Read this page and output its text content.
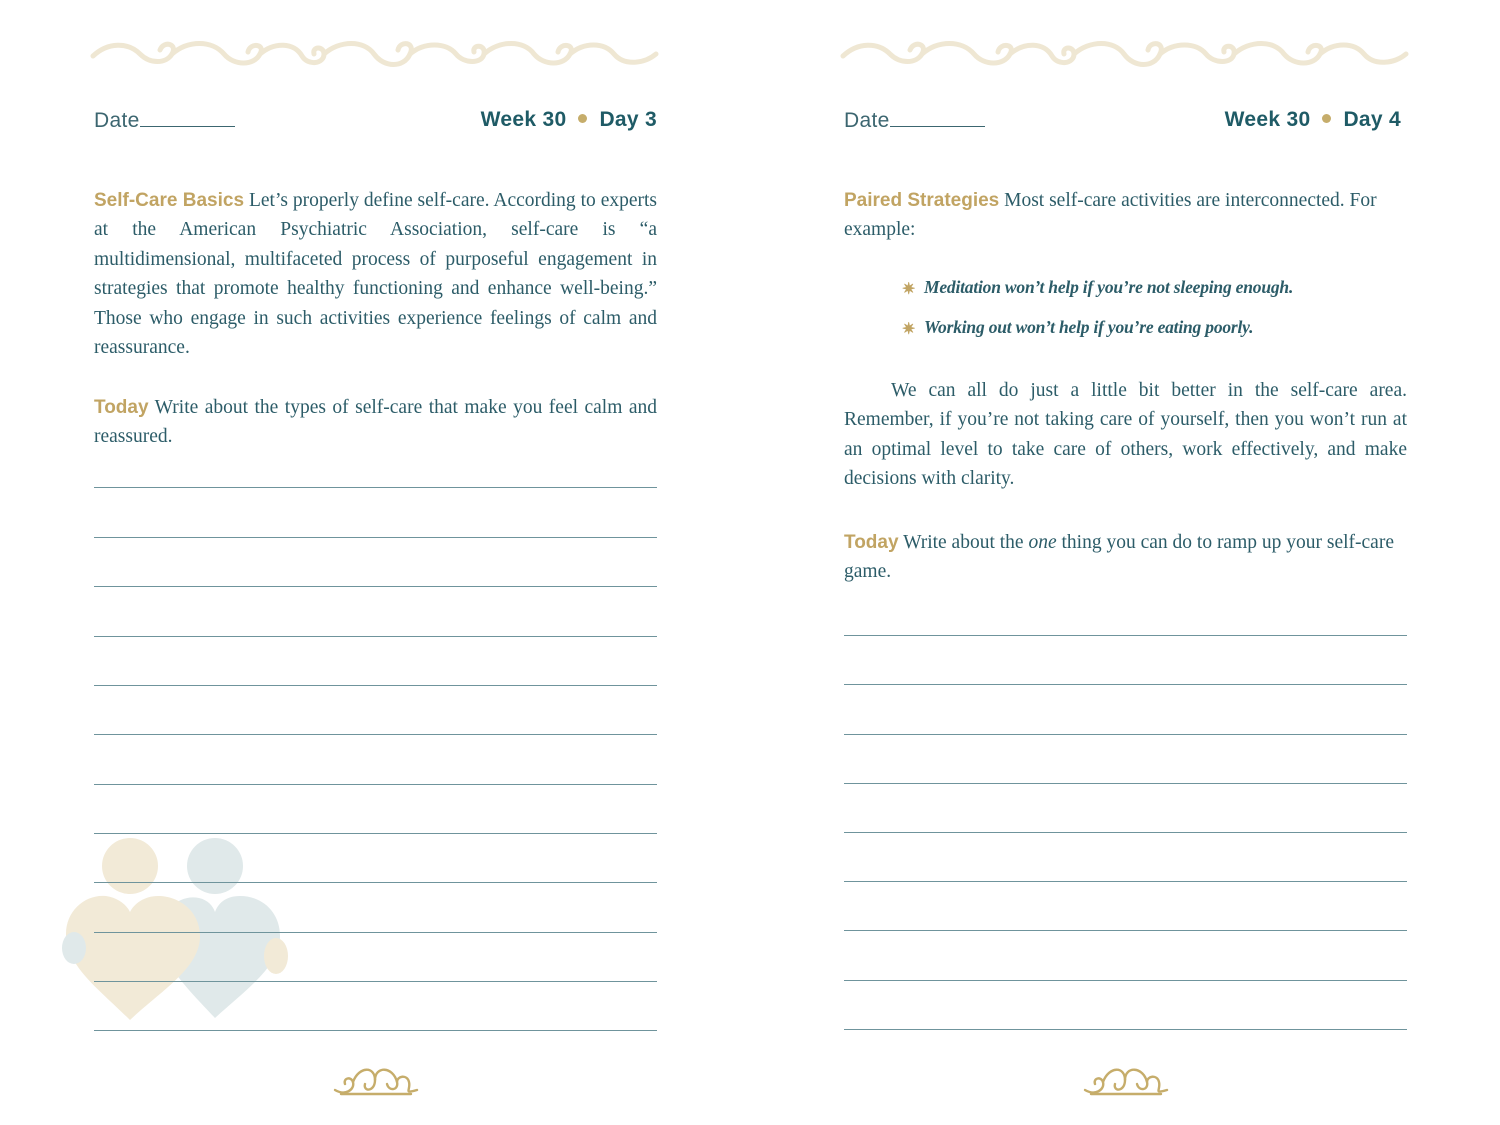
Date	Week 30 Day 3
Self-Care Basics Let’s properly define self-care. According to experts at the American Psychiatric Association, self-care is “a multidimensional, multifaceted process of purposeful engagement in strategies that promote healthy functioning and enhance well-being.” Those who engage in such activities experience feelings of calm and reassurance.
Today Write about the types of self-care that make you feel calm and reassured.
Date	Week 30 Day 4
Paired Strategies Most self-care activities are interconnected. For example:
✷ Meditation won’t help if you’re not sleeping enough.
✷ Working out won’t help if you’re eating poorly.
We can all do just a little bit better in the self-care area. Remember, if you’re not taking care of yourself, then you won’t run at an optimal level to take care of others, work effectively, and make decisions with clarity.
Today Write about the one thing you can do to ramp up your self-care game.
